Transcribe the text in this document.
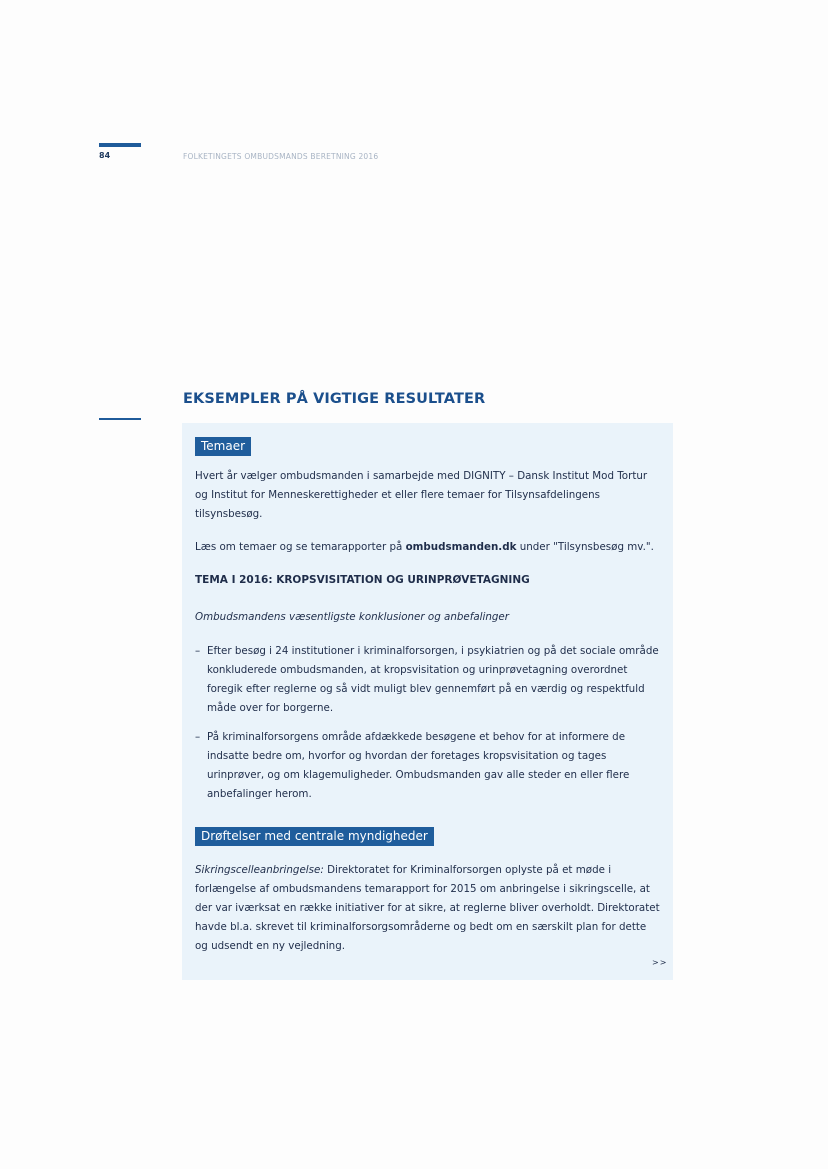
84	FOLKETINGETS OMBUDSMANDS BERETNING 2016
EKSEMPLER PÅ VIGTIGE RESULTATER
Temaer
Hvert år vælger ombudsmanden i samarbejde med DIGNITY – Dansk Institut Mod Tortur og Institut for Menneskerettigheder et eller flere temaer for Tilsynsafdelingens tilsynsbesøg.
Læs om temaer og se temarapporter på ombudsmanden.dk under "Tilsynsbesøg mv.".
TEMA I 2016: KROPSVISITATION OG URINPRØVETAGNING
Ombudsmandens væsentligste konklusioner og anbefalinger
– Efter besøg i 24 institutioner i kriminalforsorgen, i psykiatrien og på det sociale område konkluderede ombudsmanden, at kropsvisitation og urinprøvetagning overordnet foregik efter reglerne og så vidt muligt blev gennemført på en værdig og respektfuld måde over for borgerne.
– På kriminalforsorgens område afdækkede besøgene et behov for at informere de indsatte bedre om, hvorfor og hvordan der foretages kropsvisitation og tages urinprøver, og om klagemuligheder. Ombudsmanden gav alle steder en eller flere anbefalinger herom.
Drøftelser med centrale myndigheder
Sikringscelleanbringelse: Direktoratet for Kriminalforsorgen oplyste på et møde i forlængelse af ombudsmandens temarapport for 2015 om anbringelse i sikringscelle, at der var iværksat en række initiativer for at sikre, at reglerne bliver overholdt. Direktoratet havde bl.a. skrevet til kriminalforsorgsområderne og bedt om en særskilt plan for dette og udsendt en ny vejledning.
>>
